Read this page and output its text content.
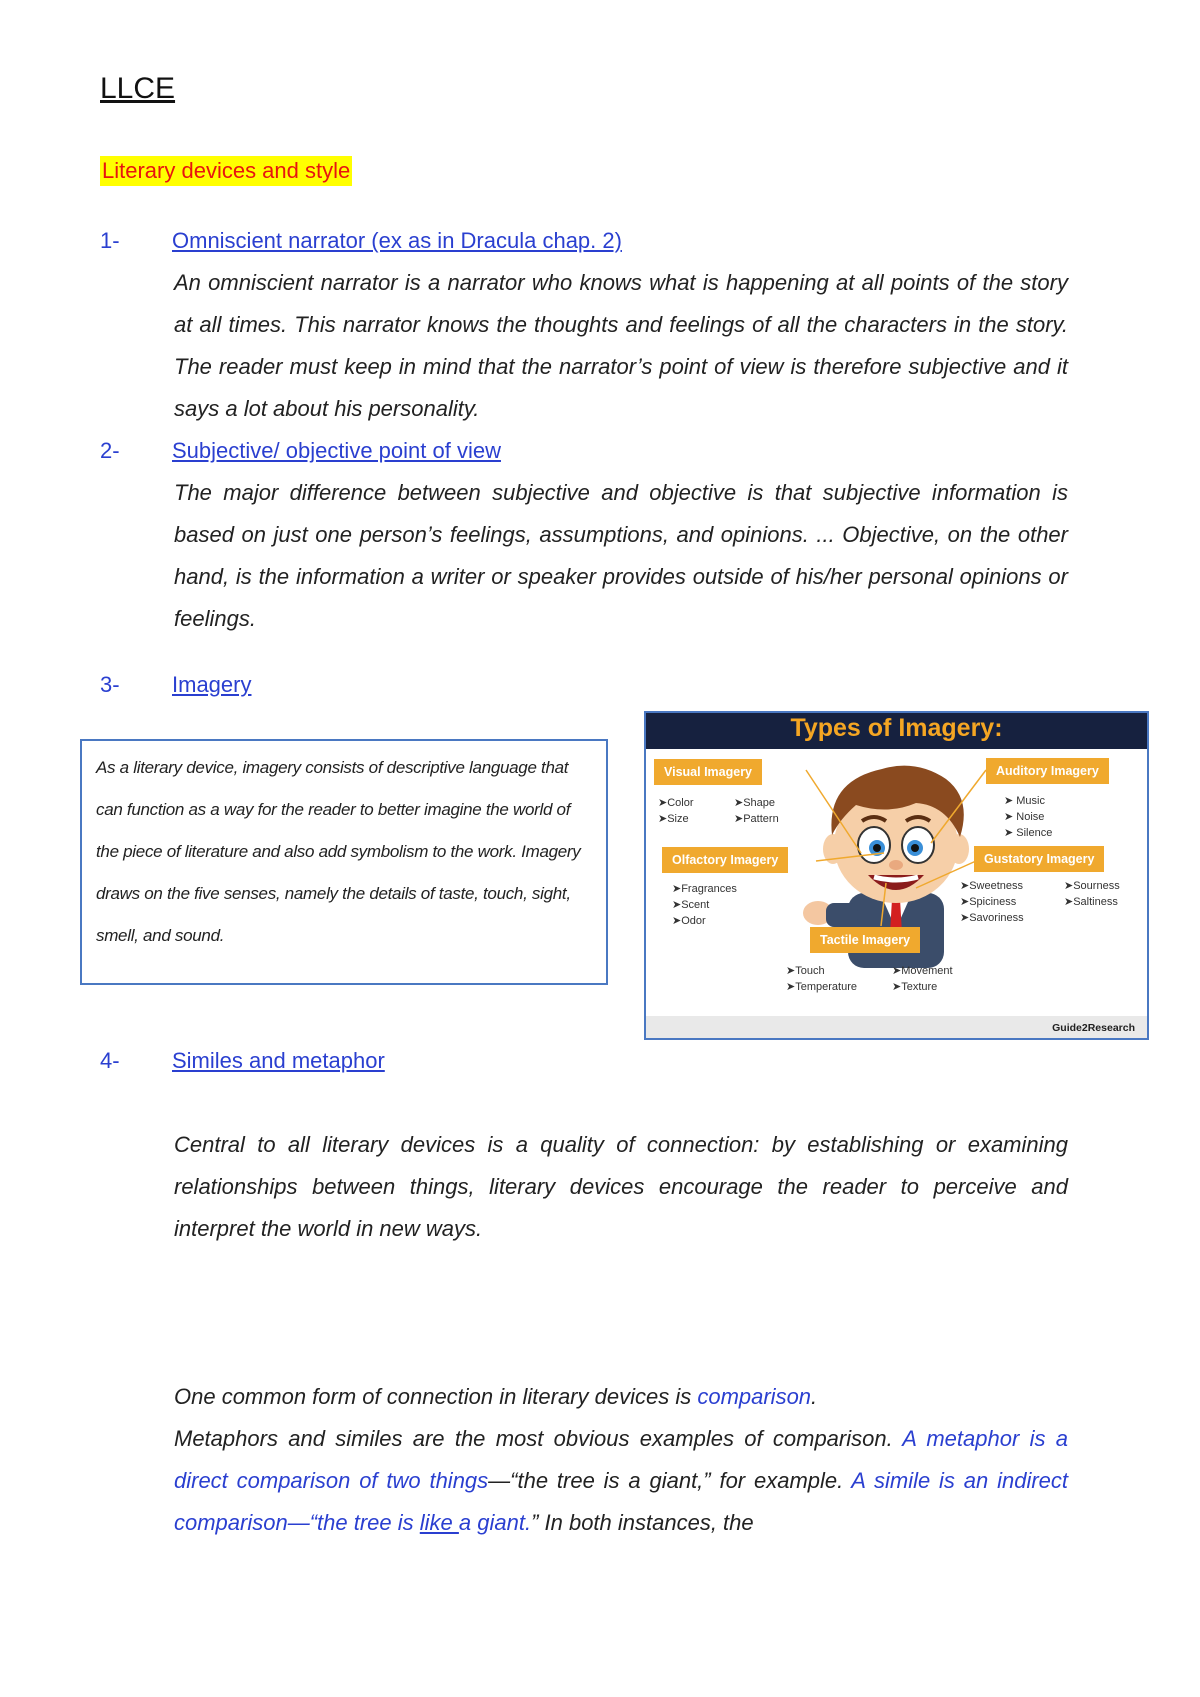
LLCE
Literary devices and style
1- Omniscient narrator (ex as in Dracula chap. 2)
An omniscient narrator is a narrator who knows what is happening at all points of the story at all times. This narrator knows the thoughts and feelings of all the characters in the story. The reader must keep in mind that the narrator’s point of view is therefore subjective and it says a lot about his personality.
2- Subjective/ objective point of view
The major difference between subjective and objective is that subjective information is based on just one person’s feelings, assumptions, and opinions. ... Objective, on the other hand, is the information a writer or speaker provides outside of his/her personal opinions or feelings.
3- Imagery
As a literary device, imagery consists of descriptive language that can function as a way for the reader to better imagine the world of the piece of literature and also add symbolism to the work. Imagery draws on the five senses, namely the details of taste, touch, sight, smell, and sound.
Types of Imagery:
Visual Imagery
➤Color
➤Size
➤Shape
➤Pattern
Auditory Imagery
➤ Music
➤ Noise
➤ Silence
Olfactory Imagery
➤Fragrances
➤Scent
➤Odor
Gustatory Imagery
➤Sweetness
➤Spiciness
➤Savoriness
➤Sourness
➤Saltiness
Tactile Imagery
➤Touch
➤Temperature
➤Movement
➤Texture
Guide2Research
4- Similes and metaphor
Central to all literary devices is a quality of connection: by establishing or examining relationships between things, literary devices encourage the reader to perceive and interpret the world in new ways.
One common form of connection in literary devices is comparison.
Metaphors and similes are the most obvious examples of comparison. A metaphor is a direct comparison of two things—“the tree is a giant,” for example. A simile is an indirect comparison—“the tree is like a giant.” In both instances, the
